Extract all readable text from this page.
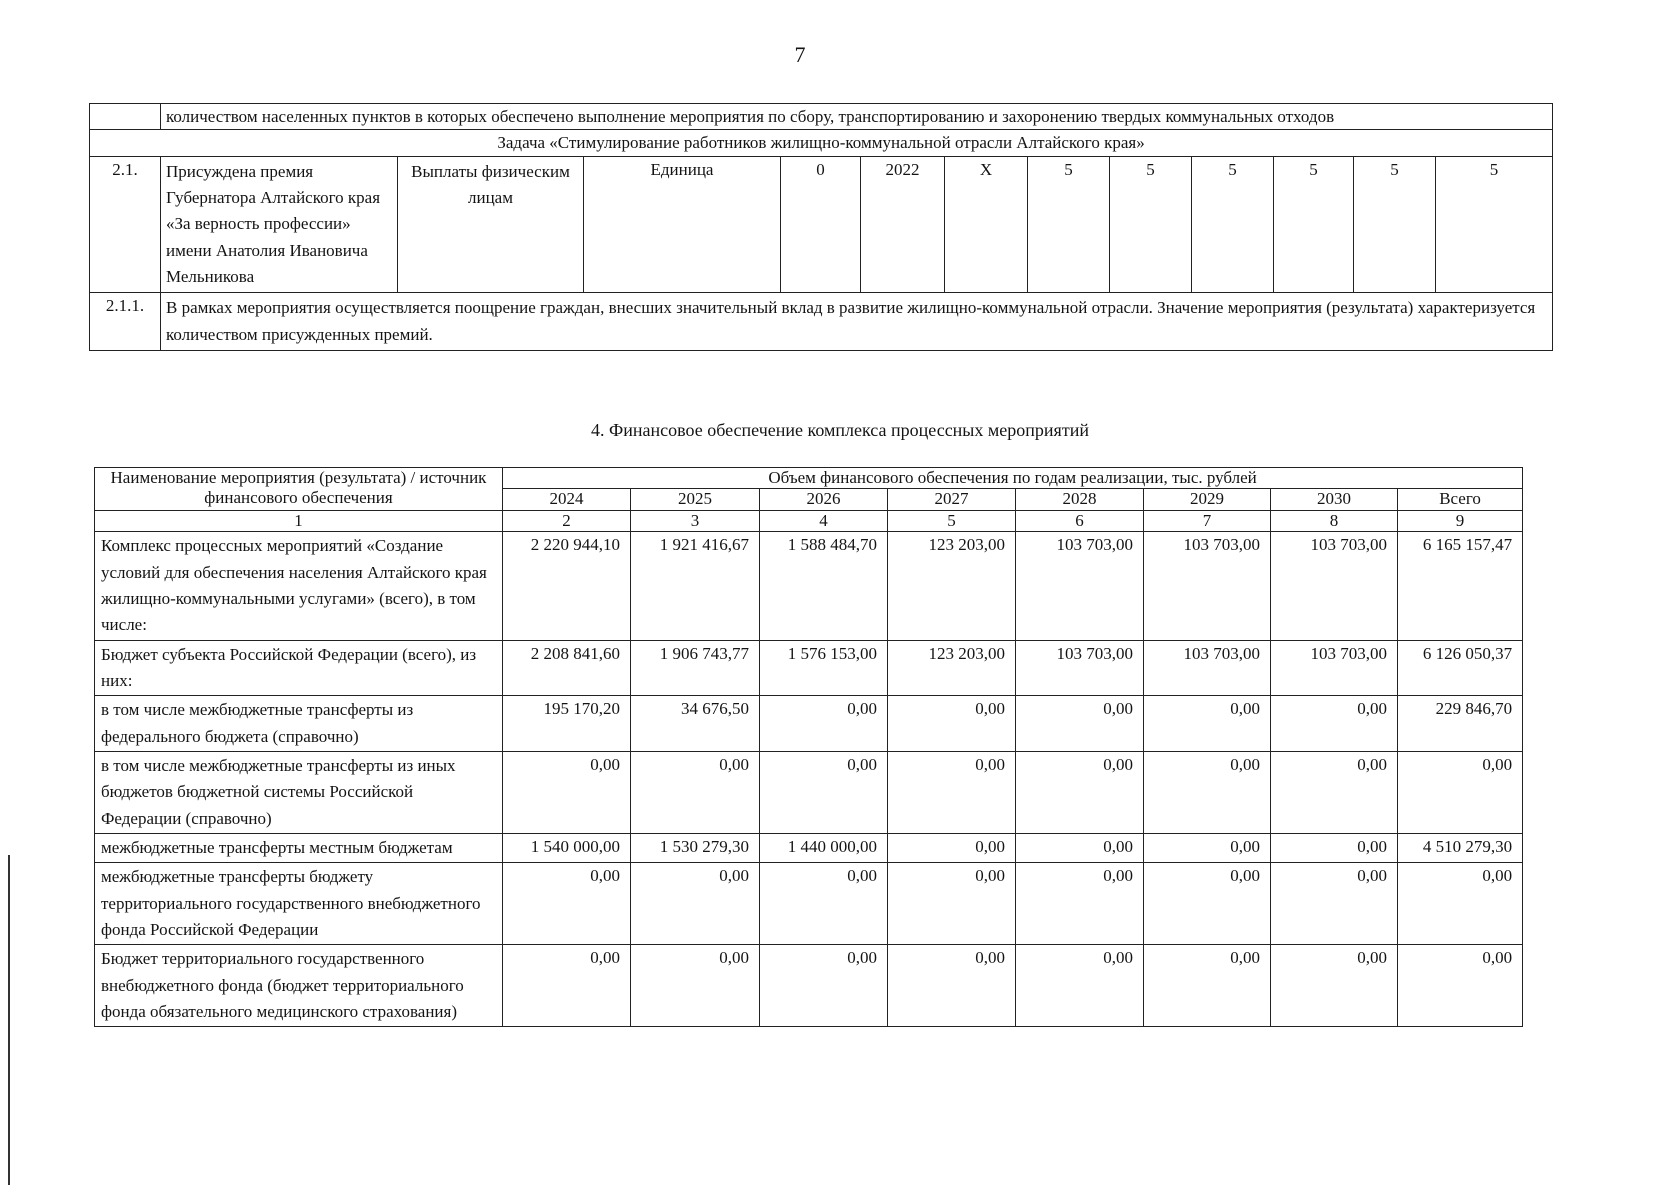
7
	количеством населенных пунктов в которых обеспечено выполнение мероприятия по сбору, транспортированию и захоронению твердых коммунальных отходов											
Задача «Стимулирование работников жилищно-коммунальной отрасли Алтайского края»												
2.1.	Присуждена премия Губернатора Алтайского края «За верность профессии» имени Анатолия Ивановича Мельникова	Выплаты физическим лицам	Единица	0	2022	Х	5	5	5	5	5	5
2.1.1.	В рамках мероприятия осуществляется поощрение граждан, внесших значительный вклад в развитие жилищно-коммунальной отрасли. Значение мероприятия (результата) характеризуется количеством присужденных премий.											
4. Финансовое обеспечение комплекса процессных мероприятий
Наименование мероприятия (результата) / источник финансового обеспечения	Объем финансового обеспечения по годам реализации, тыс. рублей							
	2024	2025	2026	2027	2028	2029	2030	Всего
1	2	3	4	5	6	7	8	9
Комплекс процессных мероприятий «Создание условий для обеспечения населения Алтайского края жилищно-коммунальными услугами» (всего), в том числе:	2 220 944,10	1 921 416,67	1 588 484,70	123 203,00	103 703,00	103 703,00	103 703,00	6 165 157,47
Бюджет субъекта Российской Федерации (всего), из них:	2 208 841,60	1 906 743,77	1 576 153,00	123 203,00	103 703,00	103 703,00	103 703,00	6 126 050,37
в том числе межбюджетные трансферты из федерального бюджета (справочно)	195 170,20	34 676,50	0,00	0,00	0,00	0,00	0,00	229 846,70
в том числе межбюджетные трансферты из иных бюджетов бюджетной системы Российской Федерации (справочно)	0,00	0,00	0,00	0,00	0,00	0,00	0,00	0,00
межбюджетные трансферты местным бюджетам	1 540 000,00	1 530 279,30	1 440 000,00	0,00	0,00	0,00	0,00	4 510 279,30
межбюджетные трансферты бюджету территориального государственного внебюджетного фонда Российской Федерации	0,00	0,00	0,00	0,00	0,00	0,00	0,00	0,00
Бюджет территориального государственного внебюджетного фонда (бюджет территориального фонда обязательного медицинского страхования)	0,00	0,00	0,00	0,00	0,00	0,00	0,00	0,00
